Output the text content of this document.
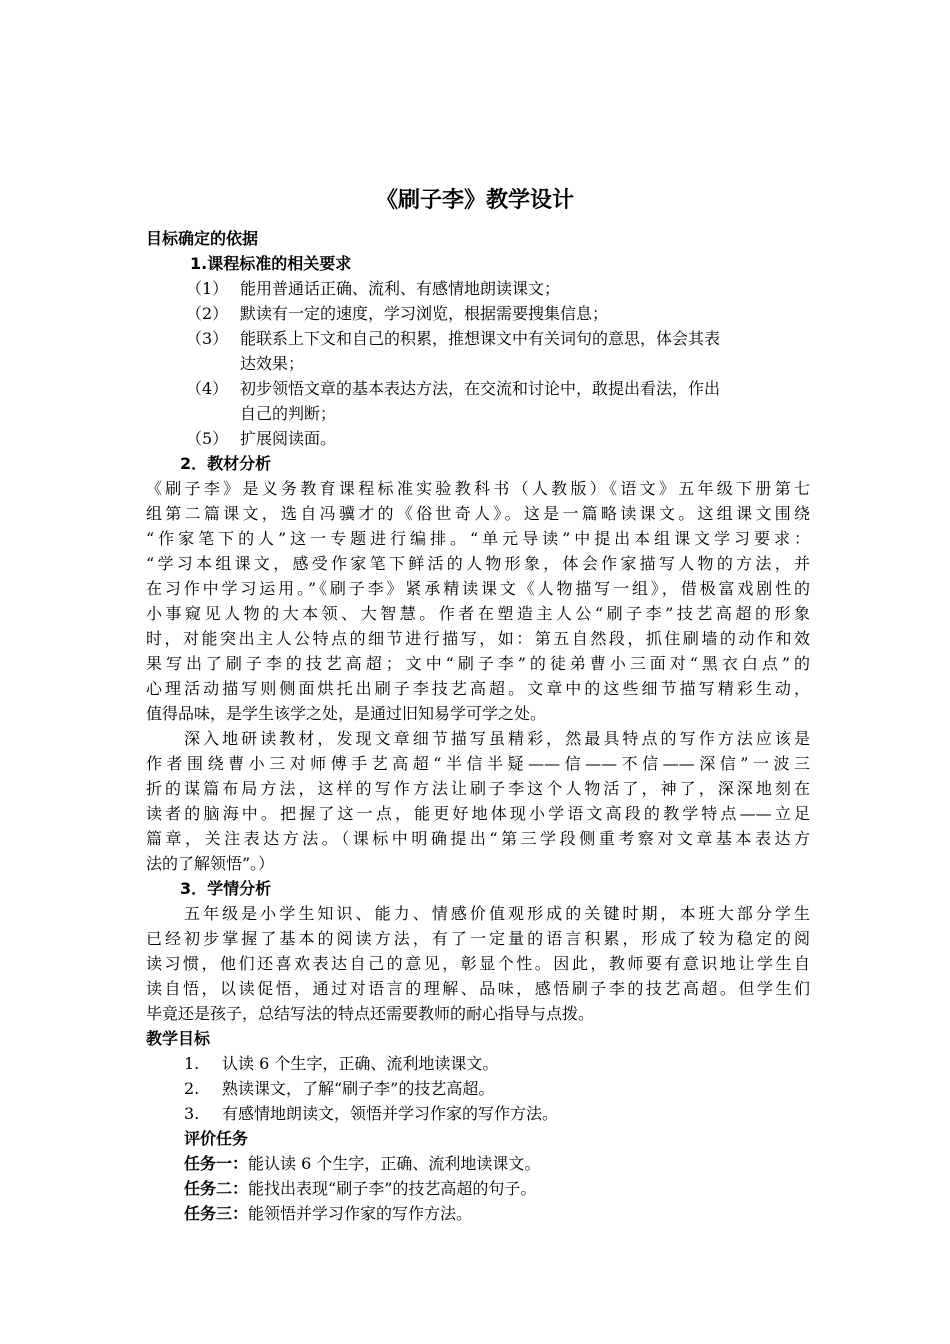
《刷子李》教学设计
目标确定的依据
1.课程标准的相关要求
（1） 能用普通话正确、流利、有感情地朗读课文；
（2） 默读有一定的速度，学习浏览，根据需要搜集信息；
（3） 能联系上下文和自己的积累，推想课文中有关词句的意思，体会其表
达效果；
（4） 初步领悟文章的基本表达方法，在交流和讨论中，敢提出看法，作出
自己的判断；
（5） 扩展阅读面。
2．教材分析
《刷子李》是义务教育课程标准实验教科书（人教版）《语文》五年级下册第七
组第二篇课文，选自冯骥才的《俗世奇人》。这是一篇略读课文。这组课文围绕
“作家笔下的人”这一专题进行编排。“单元导读”中提出本组课文学习要求：
“学习本组课文，感受作家笔下鲜活的人物形象，体会作家描写人物的方法，并
在习作中学习运用。”《刷子李》紧承精读课文《人物描写一组》，借极富戏剧性的
小事窥见人物的大本领、大智慧。作者在塑造主人公“刷子李”技艺高超的形象
时，对能突出主人公特点的细节进行描写，如：第五自然段，抓住刷墙的动作和效
果写出了刷子李的技艺高超；文中“刷子李”的徒弟曹小三面对“黑衣白点”的
心理活动描写则侧面烘托出刷子李技艺高超。文章中的这些细节描写精彩生动，
值得品味，是学生该学之处，是通过旧知易学可学之处。
深入地研读教材，发现文章细节描写虽精彩，然最具特点的写作方法应该是
作者围绕曹小三对师傅手艺高超“半信半疑——信——不信——深信”一波三
折的谋篇布局方法，这样的写作方法让刷子李这个人物活了，神了，深深地刻在
读者的脑海中。把握了这一点，能更好地体现小学语文高段的教学特点——立足
篇章，关注表达方法。（课标中明确提出“第三学段侧重考察对文章基本表达方
法的了解领悟”。）
3．学情分析
五年级是小学生知识、能力、情感价值观形成的关键时期，本班大部分学生
已经初步掌握了基本的阅读方法，有了一定量的语言积累，形成了较为稳定的阅
读习惯，他们还喜欢表达自己的意见，彰显个性。因此，教师要有意识地让学生自
读自悟，以读促悟，通过对语言的理解、品味，感悟刷子李的技艺高超。但学生们
毕竟还是孩子，总结写法的特点还需要教师的耐心指导与点拨。
教学目标
1. 认读 6 个生字，正确、流利地读课文。
2. 熟读课文，了解“刷子李”的技艺高超。
3. 有感情地朗读文，领悟并学习作家的写作方法。
评价任务
任务一：能认读 6 个生字，正确、流利地读课文。
任务二：能找出表现“刷子李”的技艺高超的句子。
任务三：能领悟并学习作家的写作方法。
